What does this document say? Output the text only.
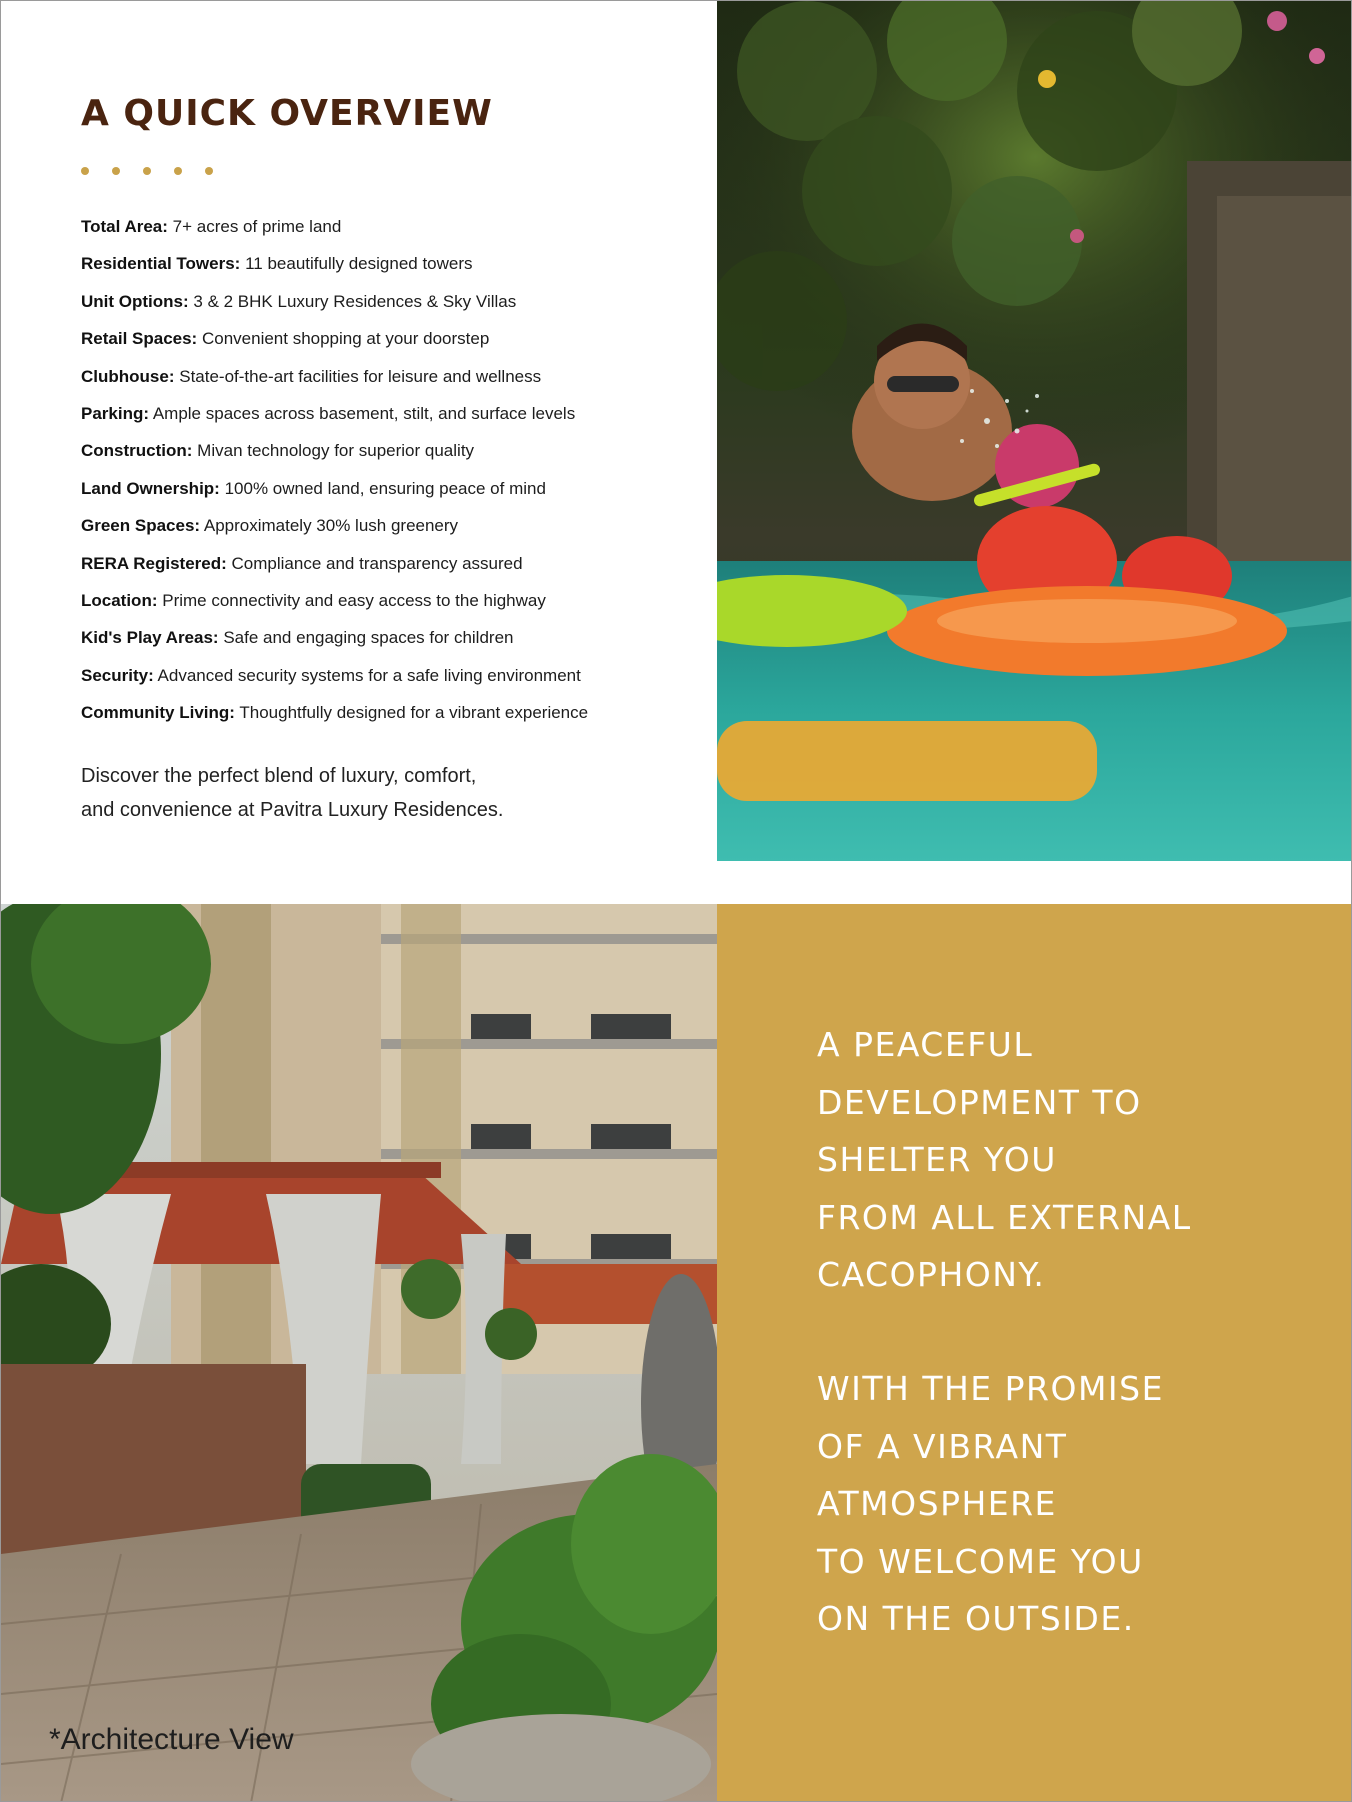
A QUICK OVERVIEW
Total Area: 7+ acres of prime land
Residential Towers: 11 beautifully designed towers
Unit Options: 3 & 2 BHK Luxury Residences & Sky Villas
Retail Spaces: Convenient shopping at your doorstep
Clubhouse: State-of-the-art facilities for leisure and wellness
Parking: Ample spaces across basement, stilt, and surface levels
Construction: Mivan technology for superior quality
Land Ownership: 100% owned land, ensuring peace of mind
Green Spaces: Approximately 30% lush greenery
RERA Registered: Compliance and transparency assured
Location: Prime connectivity and easy access to the highway
Kid's Play Areas: Safe and engaging spaces for children
Security: Advanced security systems for a safe living environment
Community Living: Thoughtfully designed for a vibrant experience

Discover the perfect blend of luxury, comfort,
and convenience at Pavitra Luxury Residences.

*Architecture View
A PEACEFUL
DEVELOPMENT TO
SHELTER YOU
FROM ALL EXTERNAL
CACOPHONY.
WITH THE PROMISE
OF A VIBRANT
ATMOSPHERE
TO WELCOME YOU
ON THE OUTSIDE.
